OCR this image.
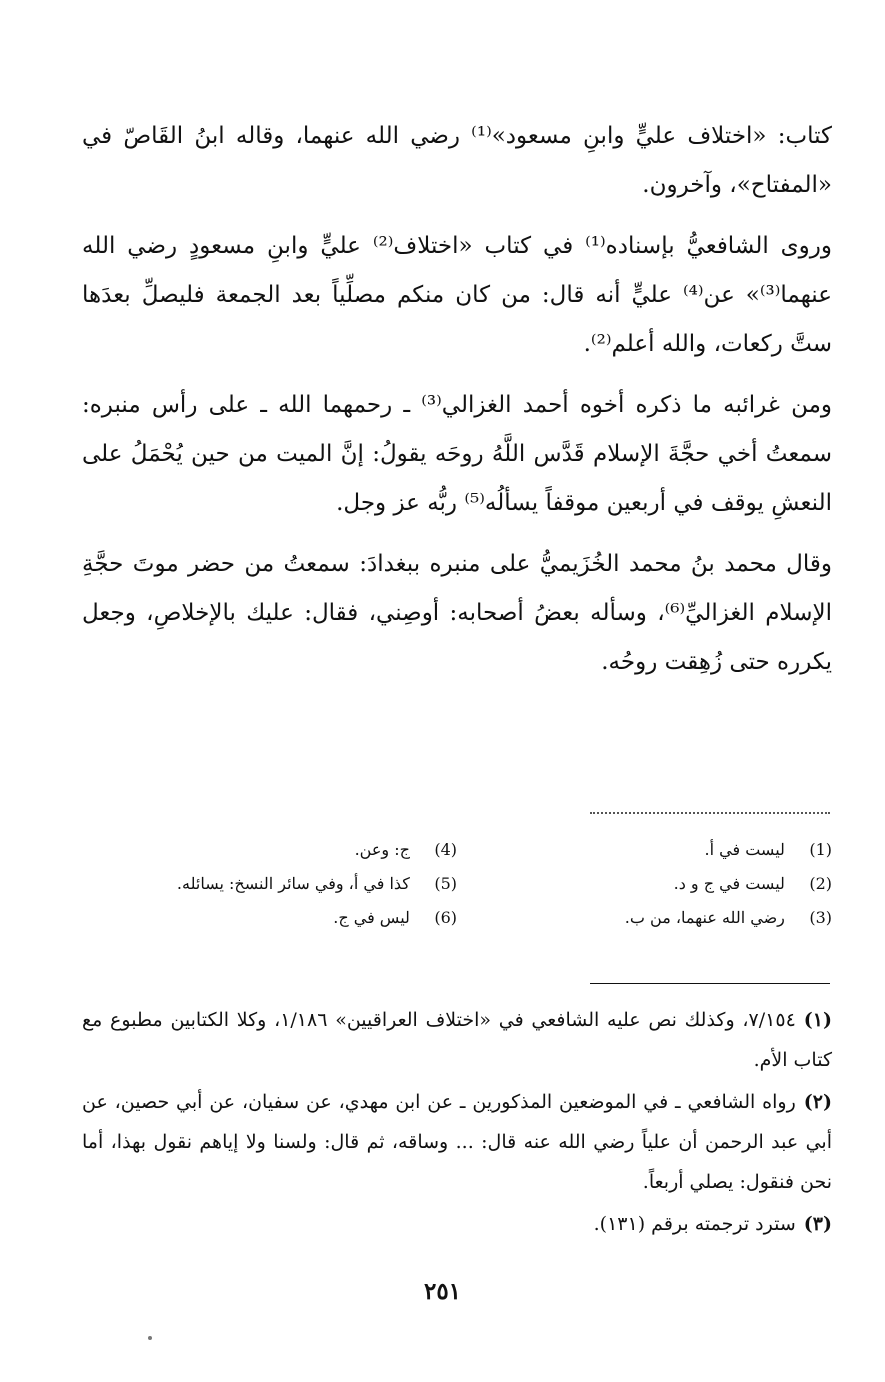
كتاب: «اختلاف عليٍّ وابنِ مسعود»⁽¹⁾ رضي الله عنهما، وقاله ابنُ القَاصّ في «المفتاح»، وآخرون.

وروى الشافعيُّ بإسناده⁽¹⁾ في كتاب «اختلاف⁽²⁾ عليٍّ وابنِ مسعودٍ رضي الله عنهما⁽³⁾» عن⁽⁴⁾ عليٍّ أنه قال: من كان منكم مصلِّياً بعد الجمعة فليصلِّ بعدَها ستَّ ركعات، والله أعلم⁽²⁾.

ومن غرائبه ما ذكره أخوه أحمد الغزالي⁽³⁾ ـ رحمهما الله ـ على رأس منبره: سمعتُ أخي حجَّةَ الإسلام قَدَّس اللَّهُ روحَه يقولُ: إنَّ الميت من حين يُحْمَلُ على النعشِ يوقف في أربعين موقفاً يسألُه⁽⁵⁾ ربُّه عز وجل.

وقال محمد بنُ محمد الخُزَيميُّ على منبره ببغدادَ: سمعتُ من حضر موتَ حجَّةِ الإسلام الغزاليِّ⁽⁶⁾، وسأله بعضُ أصحابه: أوصِني، فقال: عليك بالإخلاصِ، وجعل يكرره حتى زُهِقت روحُه.

(1) ليست في أ.
(4) ج: وعن.
(2) ليست في ج و د.
(5) كذا في أ، وفي سائر النسخ: يسائله.
(3) رضي الله عنهما، من ب.
(6) ليس في ج.

(١)٧/١٥٤، وكذلك نص عليه الشافعي في «اختلاف العراقيين» ١/١٨٦، وكلا الكتابين مطبوع مع كتاب الأم.

(٢)رواه الشافعي ـ في الموضعين المذكورين ـ عن ابن مهدي، عن سفيان، عن أبي حصين، عن أبي عبد الرحمن أن علياً رضي الله عنه قال: ... وساقه، ثم قال: ولسنا ولا إياهم نقول بهذا، أما نحن فنقول: يصلي أربعاً.

(٣)سترد ترجمته برقم (١٣١).

٢٥١
